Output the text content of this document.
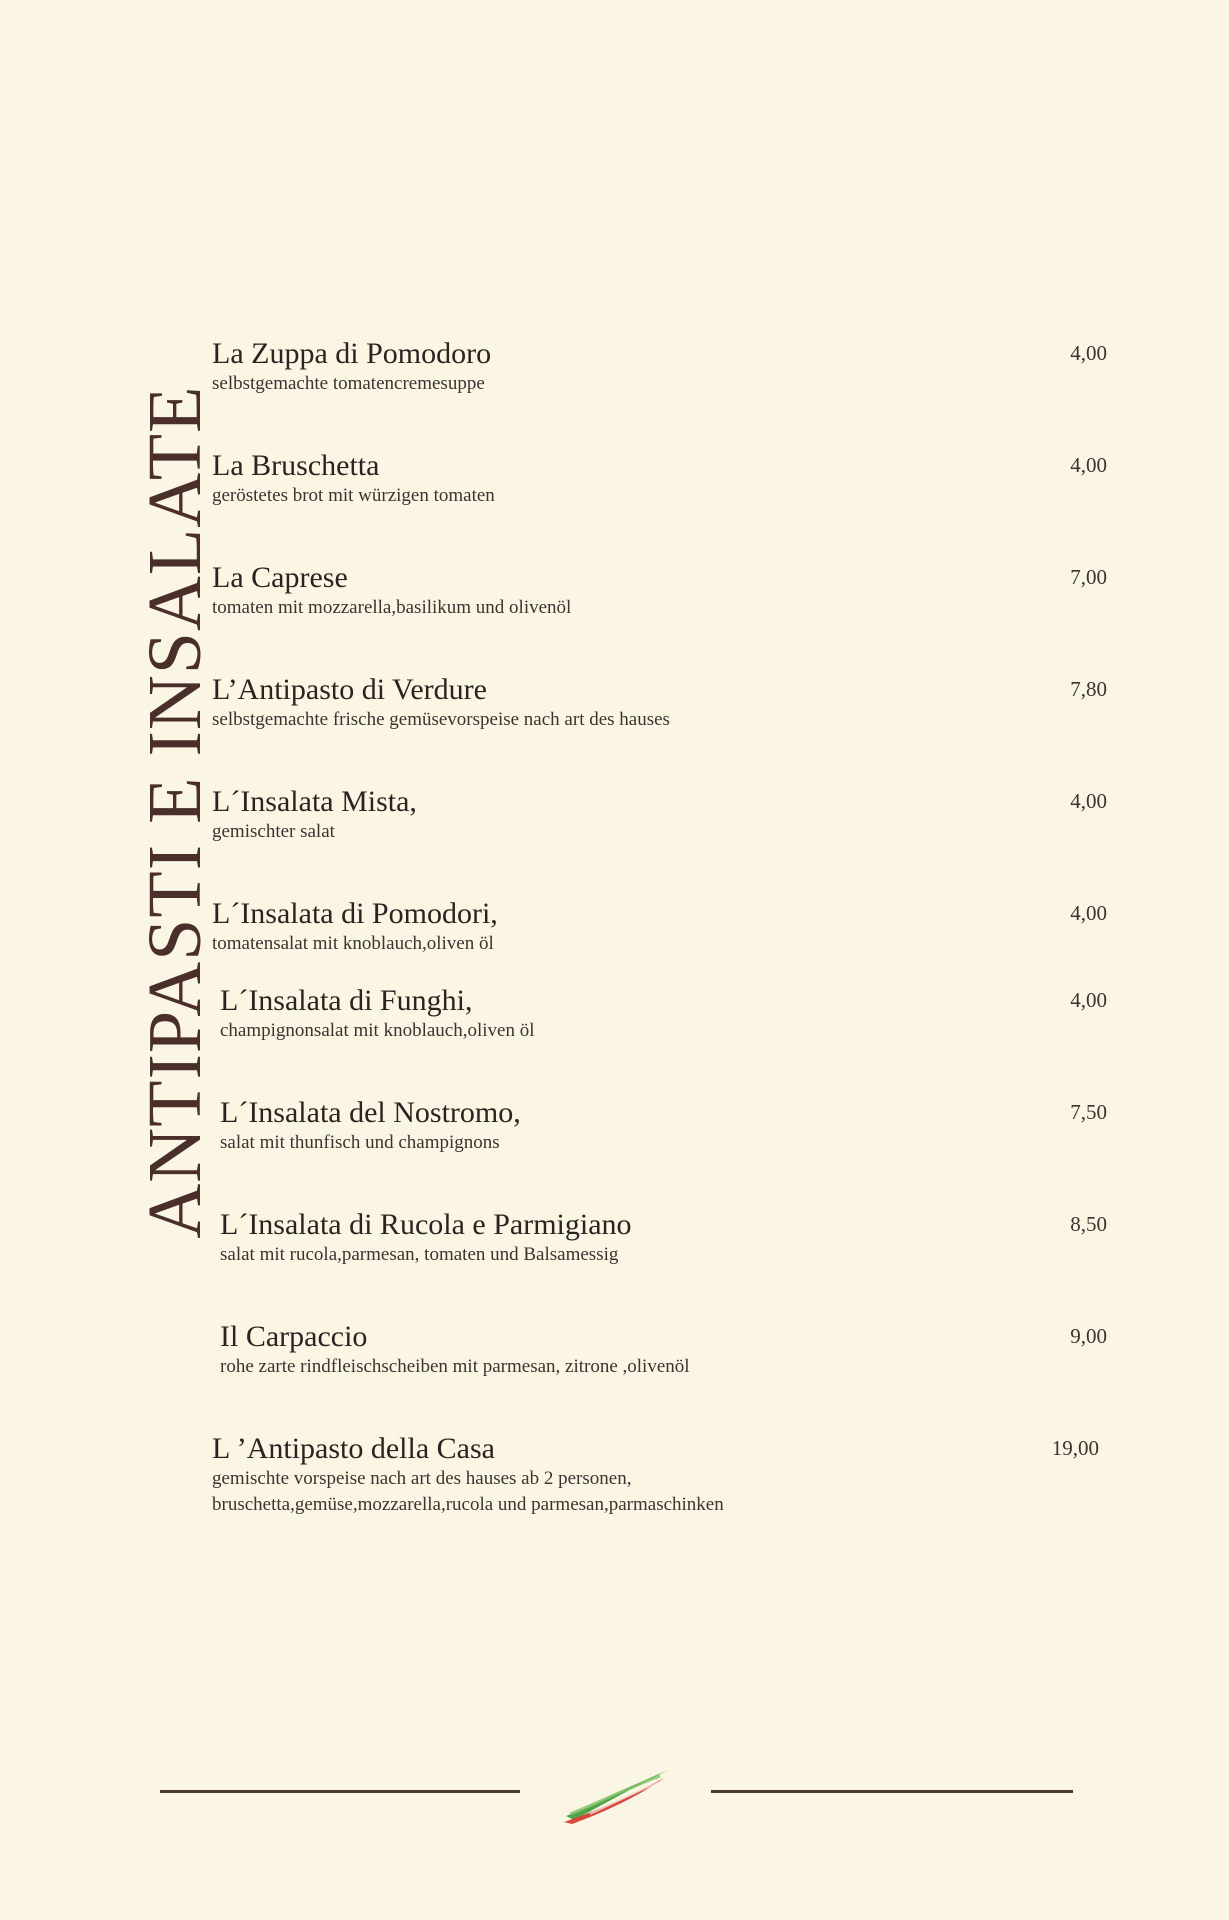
ANTIPASTI E INSALATE
La Zuppa di Pomodoro
selbstgemachte tomatencremesuppe
4,00
La Bruschetta
geröstetes brot mit würzigen tomaten
4,00
La Caprese
tomaten mit mozzarella,basilikum und olivenöl
7,00
L’Antipasto di Verdure
selbstgemachte frische gemüsevorspeise nach art des hauses
7,80
L´Insalata Mista,
gemischter salat
4,00
L´Insalata di Pomodori,
tomatensalat mit knoblauch,oliven öl
4,00
L´Insalata di Funghi,
champignonsalat mit knoblauch,oliven öl
4,00
L´Insalata del Nostromo,
salat mit thunfisch und champignons
7,50
L´Insalata di Rucola e Parmigiano
salat mit rucola,parmesan, tomaten und Balsamessig
8,50
Il Carpaccio
rohe zarte rindfleischscheiben mit parmesan, zitrone ,olivenöl
9,00
L ’Antipasto della Casa
gemischte vorspeise nach art des hauses ab 2 personen,
bruschetta,gemüse,mozzarella,rucola und parmesan,parmaschinken
19,00
